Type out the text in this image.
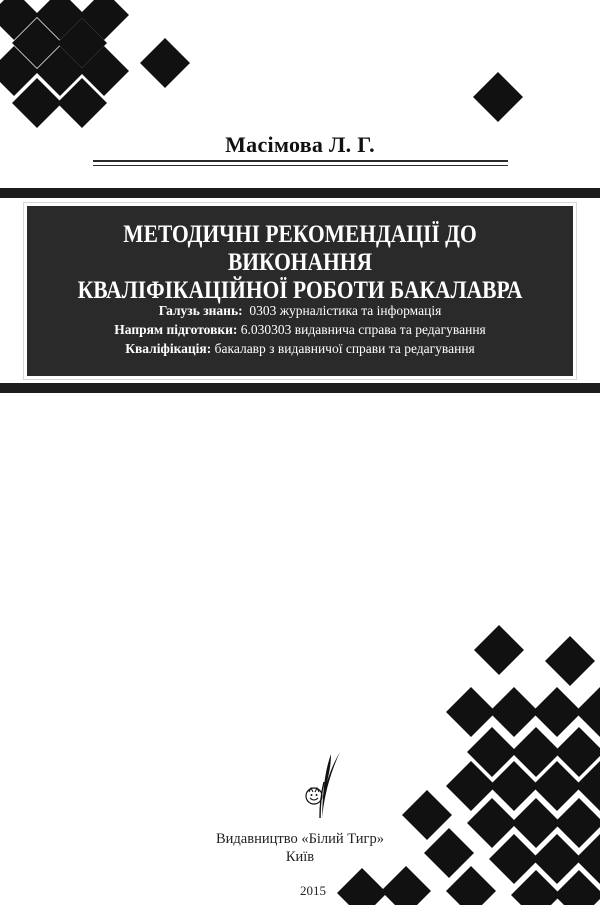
Масімова Л. Г.
МЕТОДИЧНІ РЕКОМЕНДАЦІЇ ДО ВИКОНАННЯ
КВАЛІФІКАЦІЙНОЇ РОБОТИ БАКАЛАВРА
Галузь знань: 0303 журналістика та інформація
Напрям підготовки: 6.030303 видавнича справа та редагування
Кваліфікація: бакалавр з видавничої справи та редагування
Видавництво «Білий Тигр»
Київ
2015
